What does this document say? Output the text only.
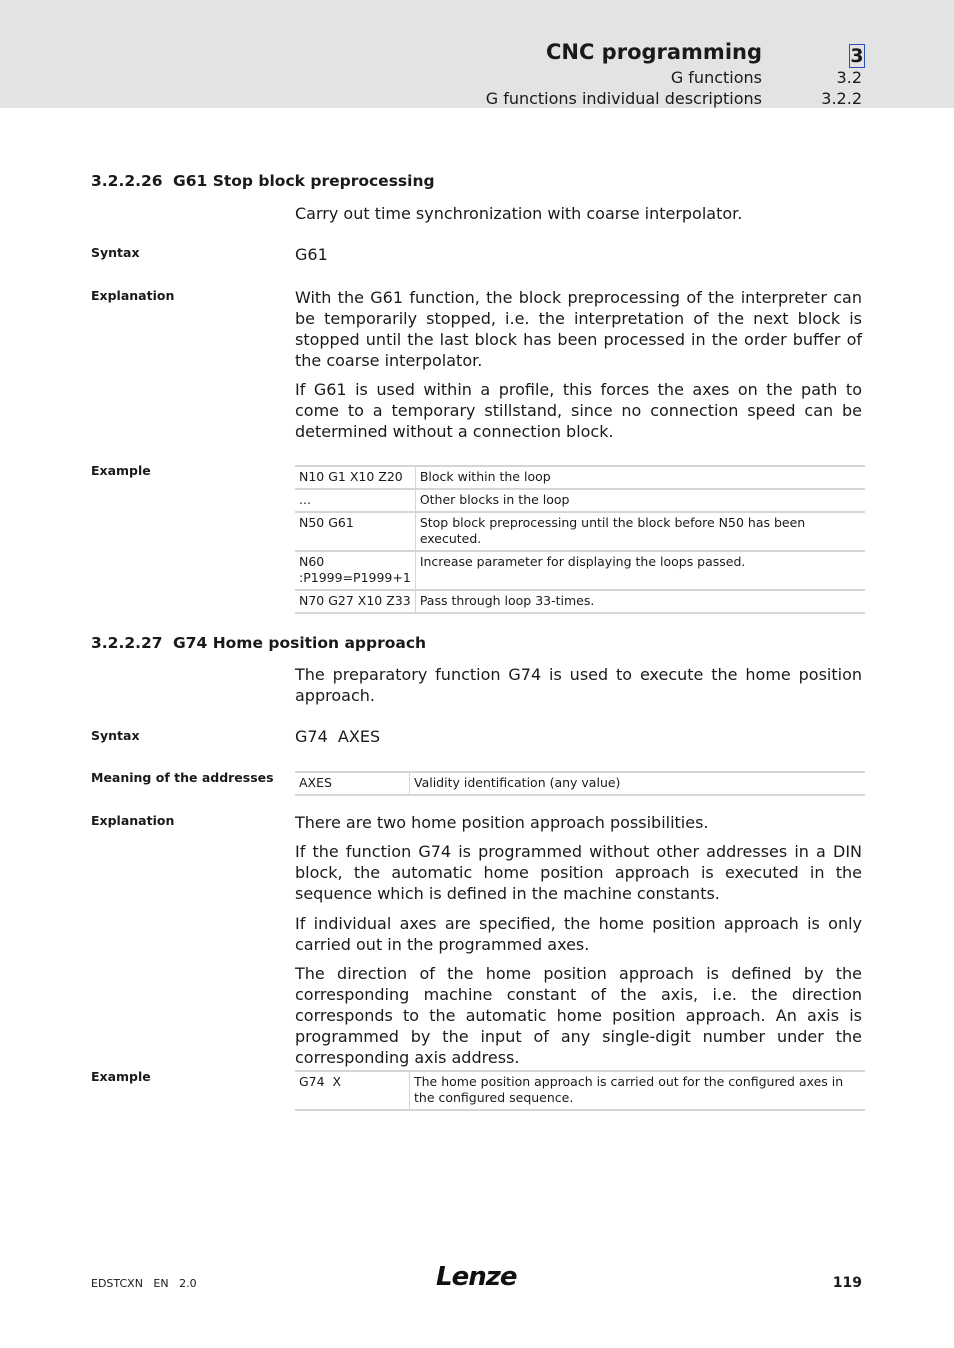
CNC programming	3
G functions	3.2
G functions individual descriptions	3.2.2
3.2.2.26 G61 Stop block preprocessing
Carry out time synchronization with coarse interpolator.
Syntax	G61
Explanation	With the G61 function, the block preprocessing of the interpreter can be temporarily stopped, i.e. the interpretation of the next block is stopped until the last block has been processed in the order buffer of the coarse interpolator.
If G61 is used within a profile, this forces the axes on the path to come to a temporary stillstand, since no connection speed can be determined without a connection block.
Example	N10 G1 X10 Z20	Block within the loop
...	Other blocks in the loop
N50 G61	Stop block preprocessing until the block before N50 has been executed.
N60 :P1999=P1999+1	Increase parameter for displaying the loops passed.
N70 G27 X10 Z33	Pass through loop 33-times.
3.2.2.27 G74 Home position approach
The preparatory function G74 is used to execute the home position approach.
Syntax	G74  AXES
Meaning of the addresses AXES	Validity identification (any value)
Explanation	There are two home position approach possibilities.
If the function G74 is programmed without other addresses in a DIN block, the automatic home position approach is executed in the sequence which is defined in the machine constants.
If individual axes are specified, the home position approach is only carried out in the programmed axes.
The direction of the home position approach is defined by the corresponding machine constant of the axis, i.e. the direction corresponds to the automatic home position approach. An axis is programmed by the input of any single-digit number under the corresponding axis address.
Example	G74  X	The home position approach is carried out for the configured axes in the configured sequence.
EDSTCXN   EN   2.0	Lenze	119
